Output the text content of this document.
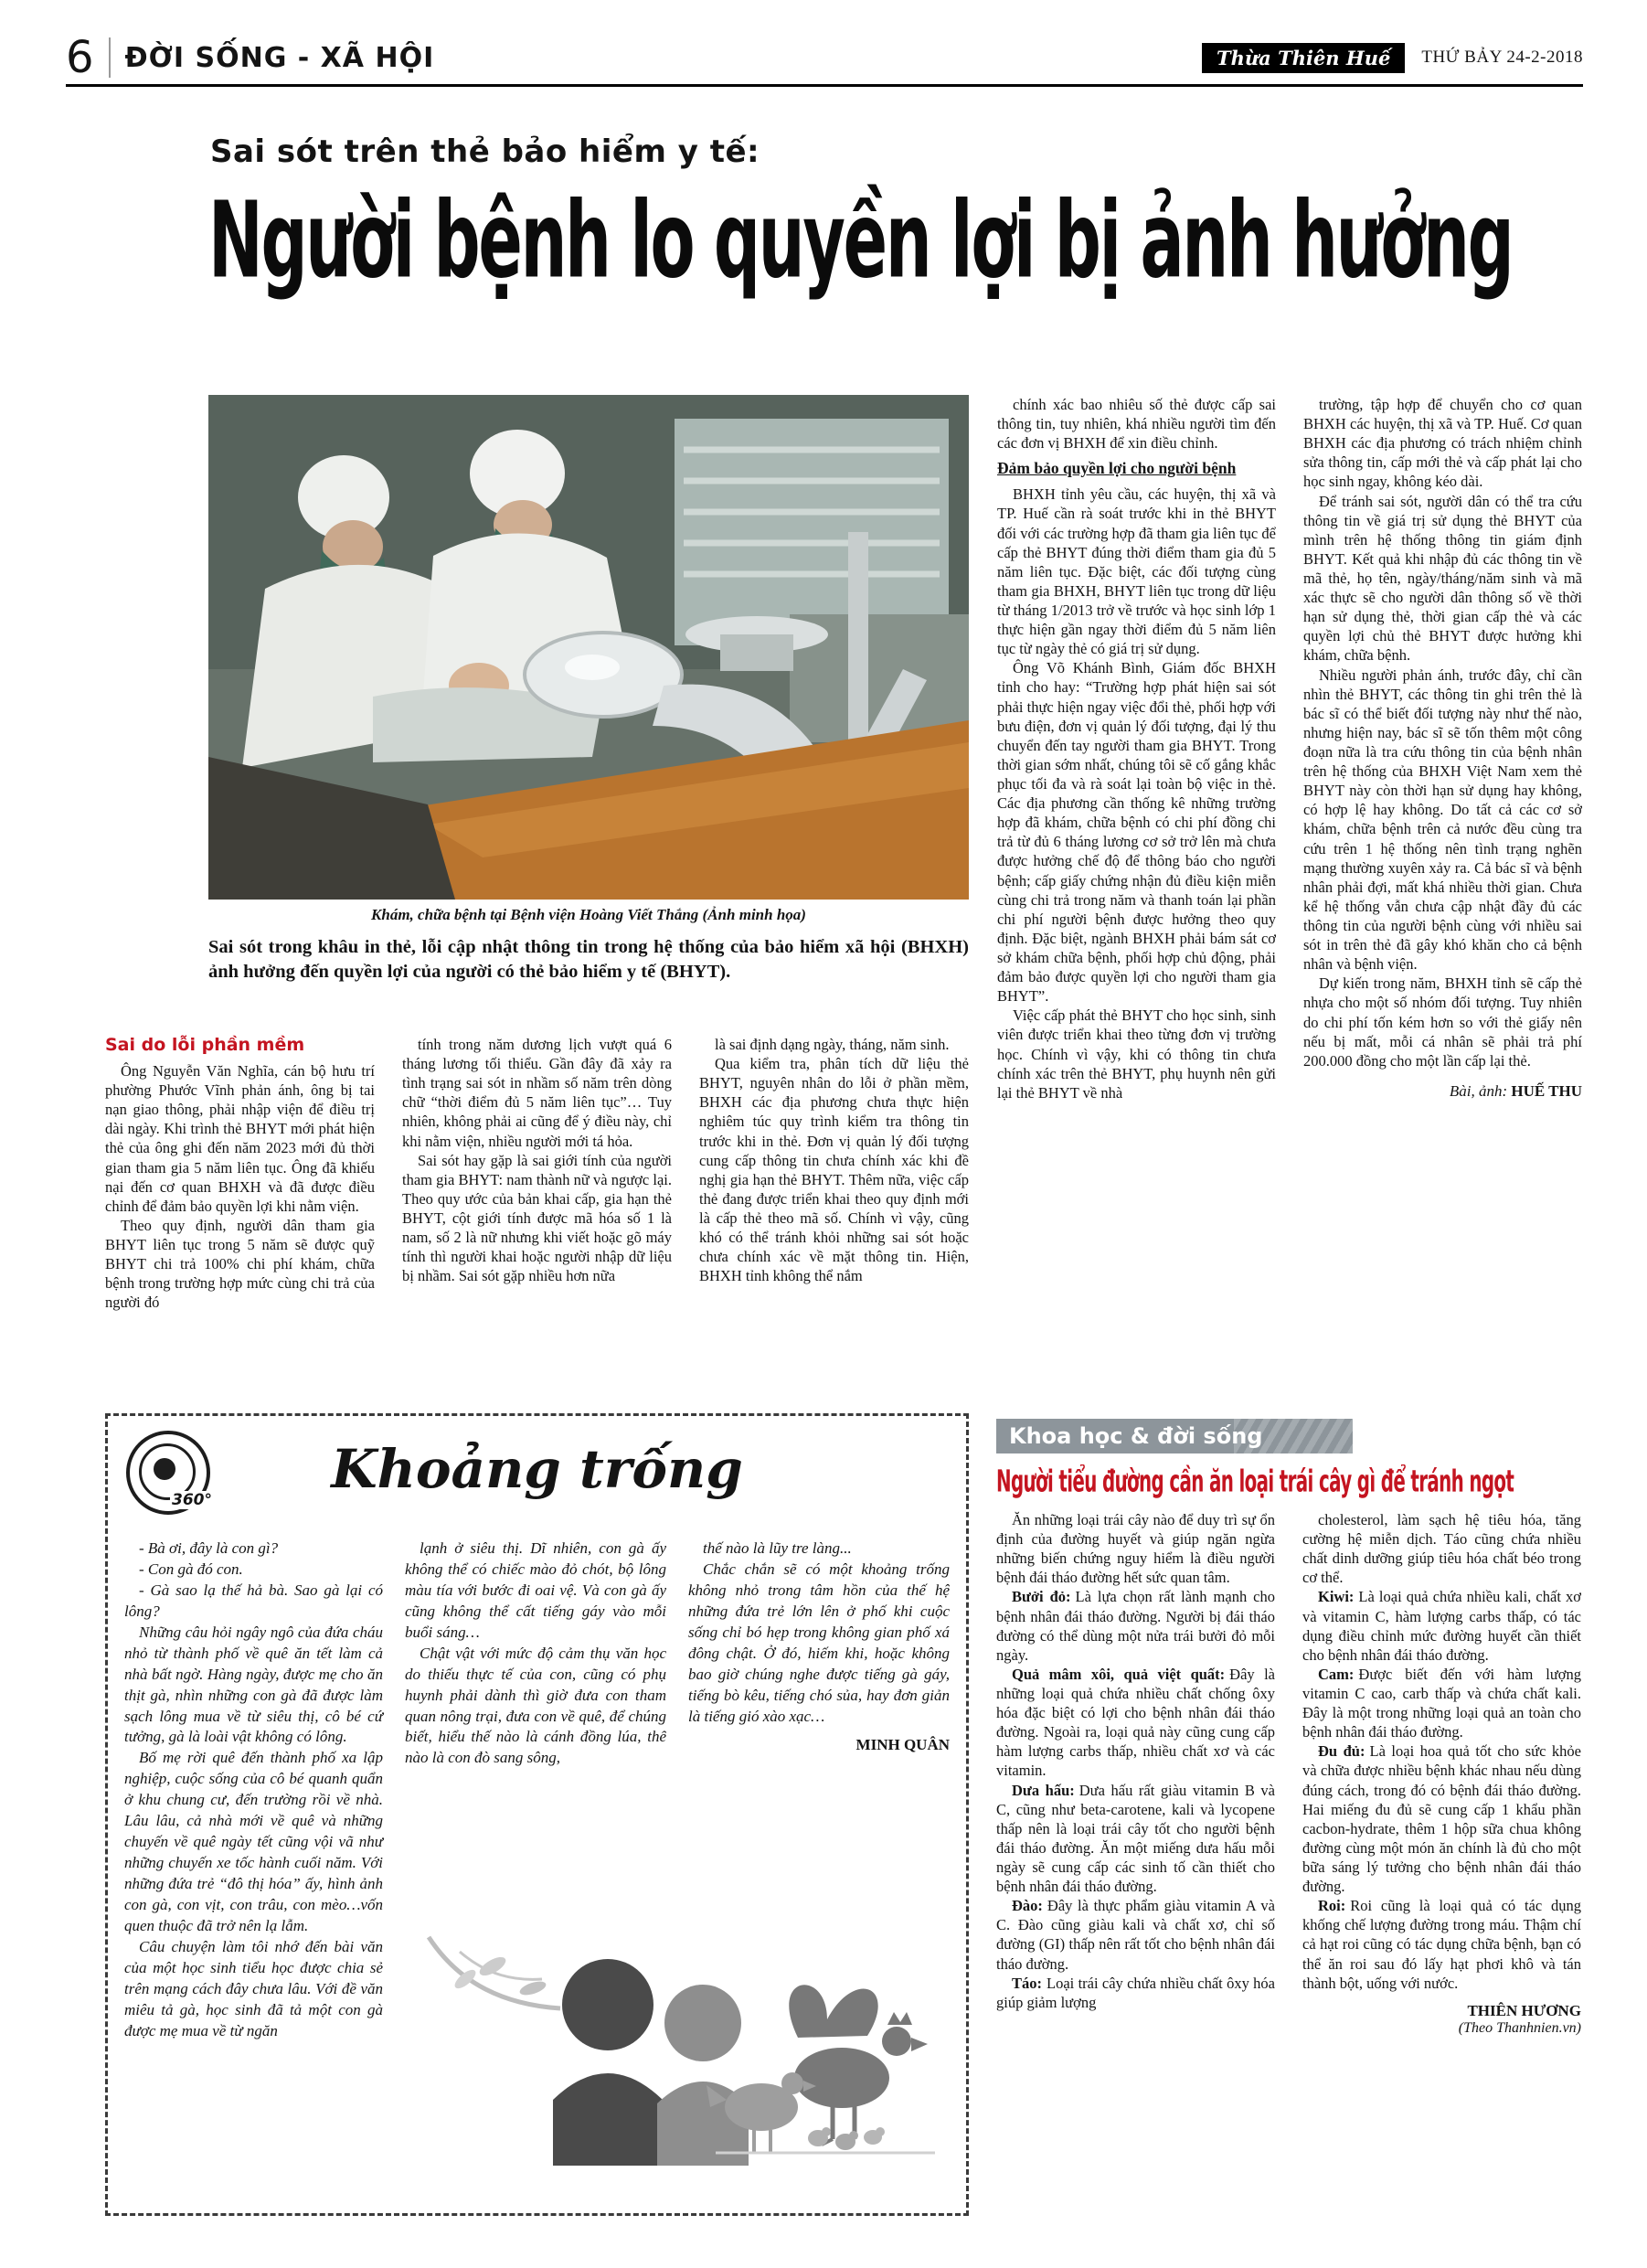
6 ĐỜI SỐNG - XÃ HỘI	Thừa Thiên Huế	THỨ BẢY 24-2-2018
Sai sót trên thẻ bảo hiểm y tế:
Người bệnh lo quyền lợi bị ảnh hưởng
Khám, chữa bệnh tại Bệnh viện Hoàng Viết Thắng (Ảnh minh họa)
Sai sót trong khâu in thẻ, lỗi cập nhật thông tin trong hệ thống của bảo hiểm xã hội (BHXH) ảnh hưởng đến quyền lợi của người có thẻ bảo hiểm y tế (BHYT).
Sai do lỗi phần mềm

Ông Nguyễn Văn Nghĩa, cán bộ hưu trí phường Phước Vĩnh phản ánh, ông bị tai nạn giao thông, phải nhập viện để điều trị dài ngày. Khi trình thẻ BHYT mới phát hiện thẻ của ông ghi đến năm 2023 mới đủ thời gian tham gia 5 năm liên tục. Ông đã khiếu nại đến cơ quan BHXH và đã được điều chỉnh để đảm bảo quyền lợi khi nằm viện.

Theo quy định, người dân tham gia BHYT liên tục trong 5 năm sẽ được quỹ BHYT chi trả 100% chi phí khám, chữa bệnh trong trường hợp mức cùng chi trả của người đó

tính trong năm dương lịch vượt quá 6 tháng lương tối thiểu. Gần đây đã xảy ra tình trạng sai sót in nhầm số năm trên dòng chữ “thời điểm đủ 5 năm liên tục”… Tuy nhiên, không phải ai cũng để ý điều này, chỉ khi nằm viện, nhiều người mới tá hỏa.

Sai sót hay gặp là sai giới tính của người tham gia BHYT: nam thành nữ và ngược lại. Theo quy ước của bản khai cấp, gia hạn thẻ BHYT, cột giới tính được mã hóa số 1 là nam, số 2 là nữ nhưng khi viết hoặc gõ máy tính thì người khai hoặc người nhập dữ liệu bị nhầm. Sai sót gặp nhiều hơn nữa

là sai định dạng ngày, tháng, năm sinh.

Qua kiểm tra, phân tích dữ liệu thẻ BHYT, nguyên nhân do lỗi ở phần mềm, BHXH các địa phương chưa thực hiện nghiêm túc quy trình kiểm tra thông tin trước khi in thẻ. Đơn vị quản lý đối tượng cung cấp thông tin chưa chính xác khi đề nghị gia hạn thẻ BHYT. Thêm nữa, việc cấp thẻ đang được triển khai theo quy định mới là cấp thẻ theo mã số. Chính vì vậy, cũng khó có thể tránh khỏi những sai sót hoặc chưa chính xác về mặt thông tin. Hiện, BHXH tỉnh không thể nắm

chính xác bao nhiêu số thẻ được cấp sai thông tin, tuy nhiên, khá nhiều người tìm đến các đơn vị BHXH để xin điều chỉnh.

Đảm bảo quyền lợi cho người bệnh

BHXH tỉnh yêu cầu, các huyện, thị xã và TP. Huế cần rà soát trước khi in thẻ BHYT đối với các trường hợp đã tham gia liên tục để cấp thẻ BHYT đúng thời điểm tham gia đủ 5 năm liên tục. Đặc biệt, các đối tượng cùng tham gia BHXH, BHYT liên tục trong dữ liệu từ tháng 1/2013 trở về trước và học sinh lớp 1 thực hiện gần ngay thời điểm đủ 5 năm liên tục từ ngày thẻ có giá trị sử dụng.

Ông Võ Khánh Bình, Giám đốc BHXH tỉnh cho hay: “Trường hợp phát hiện sai sót phải thực hiện ngay việc đổi thẻ, phối hợp với bưu điện, đơn vị quản lý đối tượng, đại lý thu chuyển đến tay người tham gia BHYT. Trong thời gian sớm nhất, chúng tôi sẽ cố gắng khắc phục tối đa và rà soát lại toàn bộ việc in thẻ. Các địa phương cần thống kê những trường hợp đã khám, chữa bệnh có chi phí đồng chi trả từ đủ 6 tháng lương cơ sở trở lên mà chưa được hưởng chế độ để thông báo cho người bệnh; cấp giấy chứng nhận đủ điều kiện miễn cùng chi trả trong năm và thanh toán lại phần chi phí người bệnh được hưởng theo quy định. Đặc biệt, ngành BHXH phải bám sát cơ sở khám chữa bệnh, phối hợp chủ động, phải đảm bảo được quyền lợi cho người tham gia BHYT”.

Việc cấp phát thẻ BHYT cho học sinh, sinh viên được triển khai theo từng đơn vị trường học. Chính vì vậy, khi có thông tin chưa chính xác trên thẻ BHYT, phụ huynh nên gửi lại thẻ BHYT về nhà

trường, tập hợp để chuyển cho cơ quan BHXH các huyện, thị xã và TP. Huế. Cơ quan BHXH các địa phương có trách nhiệm chỉnh sửa thông tin, cấp mới thẻ và cấp phát lại cho học sinh ngay, không kéo dài.

Để tránh sai sót, người dân có thể tra cứu thông tin về giá trị sử dụng thẻ BHYT của mình trên hệ thống thông tin giám định BHYT. Kết quả khi nhập đủ các thông tin về mã thẻ, họ tên, ngày/tháng/năm sinh và mã xác thực sẽ cho người dân thông số về thời hạn sử dụng thẻ, thời gian cấp thẻ và các quyền lợi chủ thẻ BHYT được hưởng khi khám, chữa bệnh.

Nhiều người phản ánh, trước đây, chỉ cần nhìn thẻ BHYT, các thông tin ghi trên thẻ là bác sĩ có thể biết đối tượng này như thế nào, nhưng hiện nay, bác sĩ sẽ tốn thêm một công đoạn nữa là tra cứu thông tin của bệnh nhân trên hệ thống của BHXH Việt Nam xem thẻ BHYT này còn thời hạn sử dụng hay không, có hợp lệ hay không. Do tất cả các cơ sở khám, chữa bệnh trên cả nước đều cùng tra cứu trên 1 hệ thống nên tình trạng nghẽn mạng thường xuyên xảy ra. Cả bác sĩ và bệnh nhân phải đợi, mất khá nhiều thời gian. Chưa kể hệ thống vẫn chưa cập nhật đầy đủ các thông tin của người bệnh cùng với nhiều sai sót in trên thẻ đã gây khó khăn cho cả bệnh nhân và bệnh viện.

Dự kiến trong năm, BHXH tỉnh sẽ cấp thẻ nhựa cho một số nhóm đối tượng. Tuy nhiên do chi phí tốn kém hơn so với thẻ giấy nên nếu bị mất, mỗi cá nhân sẽ phải trả phí 200.000 đồng cho một lần cấp lại thẻ.

Bài, ảnh: HUẾ THU
360°	Khoảng trống

- Bà ơi, đây là con gì?

- Con gà đó con.

- Gà sao lạ thế hả bà. Sao gà lại có lông?

Những câu hỏi ngây ngô của đứa cháu nhỏ từ thành phố về quê ăn tết làm cả nhà bất ngờ. Hàng ngày, được mẹ cho ăn thịt gà, nhìn những con gà đã được làm sạch lông mua về từ siêu thị, cô bé cứ tưởng, gà là loài vật không có lông.

Bố mẹ rời quê đến thành phố xa lập nghiệp, cuộc sống của cô bé quanh quẩn ở khu chung cư, đến trường rồi về nhà. Lâu lâu, cả nhà mới về quê và những chuyến về quê ngày tết cũng vội vã như những chuyến xe tốc hành cuối năm. Với những đứa trẻ “đô thị hóa” ấy, hình ảnh con gà, con vịt, con trâu, con mèo…vốn quen thuộc đã trở nên lạ lẫm.

Câu chuyện làm tôi nhớ đến bài văn của một học sinh tiểu học được chia sẻ trên mạng cách đây chưa lâu. Với đề văn miêu tả gà, học sinh đã tả một con gà được mẹ mua về từ ngăn

lạnh ở siêu thị. Dĩ nhiên, con gà ấy không thể có chiếc mào đỏ chót, bộ lông màu tía với bước đi oai vệ. Và con gà ấy cũng không thể cất tiếng gáy vào mỗi buổi sáng…

Chật vật với mức độ cảm thụ văn học do thiếu thực tế của con, cũng có phụ huynh phải dành thì giờ đưa con tham quan nông trại, đưa con về quê, để chúng biết, hiểu thế nào là cánh đồng lúa, thế nào là con đò sang sông,

thế nào là lũy tre làng...

Chắc chắn sẽ có một khoảng trống không nhỏ trong tâm hồn của thế hệ những đứa trẻ lớn lên ở phố khi cuộc sống chỉ bó hẹp trong không gian phố xá đông chật. Ở đó, hiếm khi, hoặc không bao giờ chúng nghe được tiếng gà gáy, tiếng bò kêu, tiếng chó sủa, hay đơn giản là tiếng gió xào xạc…

MINH QUÂN
Khoa học & đời sống
Người tiểu đường cần ăn loại trái cây gì để tránh ngọt

Ăn những loại trái cây nào để duy trì sự ổn định của đường huyết và giúp ngăn ngừa những biến chứng nguy hiểm là điều người bệnh đái tháo đường hết sức quan tâm.

Bưởi đỏ: Là lựa chọn rất lành mạnh cho bệnh nhân đái tháo đường. Người bị đái tháo đường có thể dùng một nửa trái bưởi đỏ mỗi ngày.

Quả mâm xôi, quả việt quất: Đây là những loại quả chứa nhiều chất chống ôxy hóa đặc biệt có lợi cho bệnh nhân đái tháo đường. Ngoài ra, loại quả này cũng cung cấp hàm lượng carbs thấp, nhiều chất xơ và các vitamin.

Dưa hấu: Dưa hấu rất giàu vitamin B và C, cũng như beta-carotene, kali và lycopene thấp nên là loại trái cây tốt cho người bệnh đái tháo đường. Ăn một miếng dưa hấu mỗi ngày sẽ cung cấp các sinh tố cần thiết cho bệnh nhân đái tháo đường.

Đào: Đây là thực phẩm giàu vitamin A và C. Đào cũng giàu kali và chất xơ, chỉ số đường (GI) thấp nên rất tốt cho bệnh nhân đái tháo đường.

Táo: Loại trái cây chứa nhiều chất ôxy hóa giúp giảm lượng

cholesterol, làm sạch hệ tiêu hóa, tăng cường hệ miễn dịch. Táo cũng chứa nhiều chất dinh dưỡng giúp tiêu hóa chất béo trong cơ thể.

Kiwi: Là loại quả chứa nhiều kali, chất xơ và vitamin C, hàm lượng carbs thấp, có tác dụng điều chỉnh mức đường huyết cần thiết cho bệnh nhân đái tháo đường.

Cam: Được biết đến với hàm lượng vitamin C cao, carb thấp và chứa chất kali. Đây là một trong những loại quả an toàn cho bệnh nhân đái tháo đường.

Đu đủ: Là loại hoa quả tốt cho sức khỏe và chữa được nhiều bệnh khác nhau nếu dùng đúng cách, trong đó có bệnh đái tháo đường. Hai miếng đu đủ sẽ cung cấp 1 khẩu phần cacbon-hydrate, thêm 1 hộp sữa chua không đường cùng một món ăn chính là đủ cho một bữa sáng lý tưởng cho bệnh nhân đái tháo đường.

Roi: Roi cũng là loại quả có tác dụng khống chế lượng đường trong máu. Thậm chí cả hạt roi cũng có tác dụng chữa bệnh, bạn có thể ăn roi sau đó lấy hạt phơi khô và tán thành bột, uống với nước.

THIÊN HƯƠNG
(Theo Thanhnien.vn)
